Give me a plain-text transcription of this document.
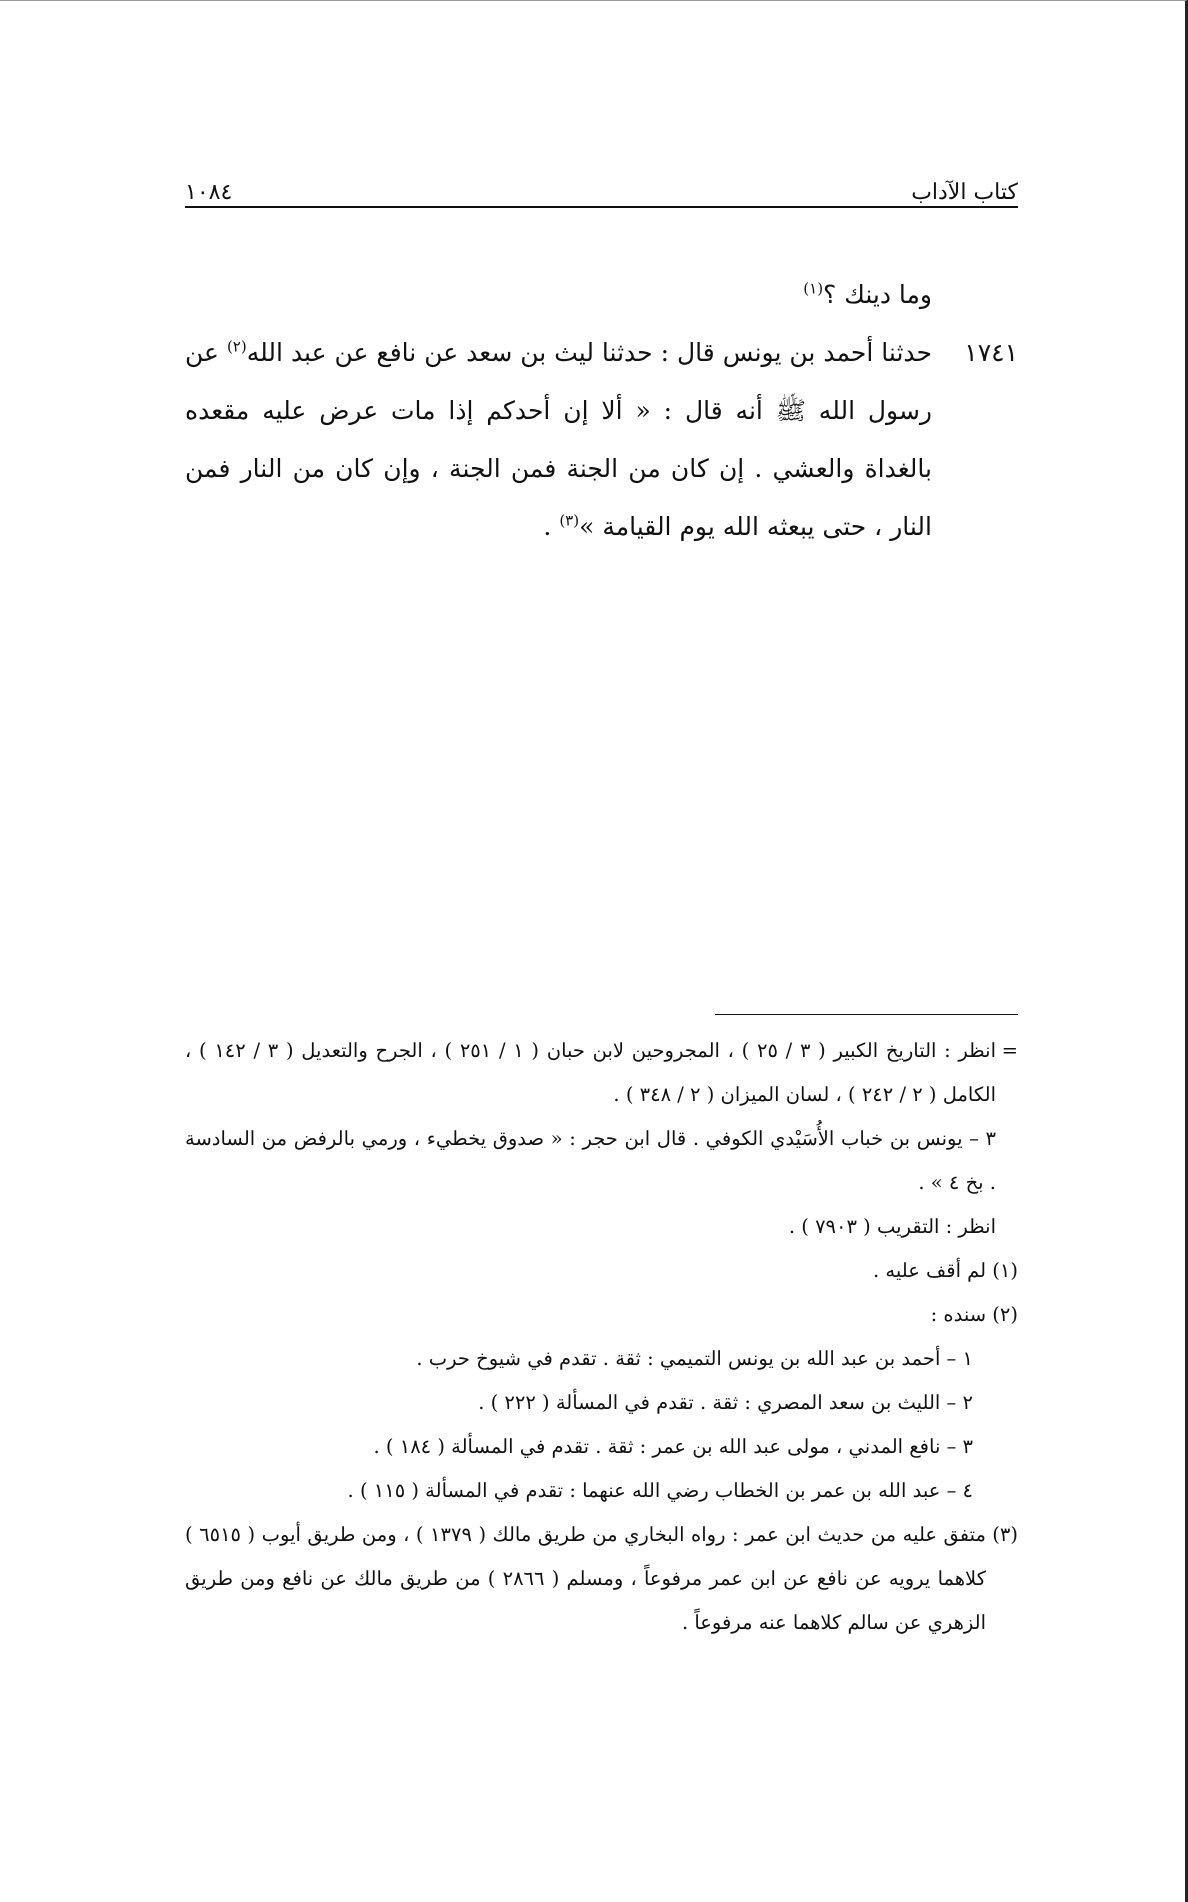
كتاب الآداب
١٠٨٤

وما دينك ؟$^{(١)}$

١٧٤١
حدثنا أحمد بن يونس قال : حدثنا ليث بن سعد عن نافع عن عبد الله$^{(٢)}$ عن رسول الله ﷺ أنه قال : « ألا إن أحدكم إذا مات عرض عليه مقعده بالغداة والعشي . إن كان من الجنة فمن الجنة ، وإن كان من النار فمن النار ، حتى يبعثه الله يوم القيامة »$^{(٣)}$ .

=
انظر : التاريخ الكبير ( ٣ / ٢٥ ) ، المجروحين لابن حبان ( ١ / ٢٥١ ) ، الجرح والتعديل ( ٣ / ١٤٢ ) ، الكامل ( ٢ / ٢٤٢ ) ، لسان الميزان ( ٢ / ٣٤٨ ) .

٣ – يونس بن خباب الأُسَيْدي الكوفي . قال ابن حجر : « صدوق يخطيء ، ورمي بالرفض من السادسة . بخ ٤ » .

انظر : التقريب ( ٧٩٠٣ ) .

(١) لم أقف عليه .

(٢) سنده :

١ – أحمد بن عبد الله بن يونس التميمي : ثقة . تقدم في شيوخ حرب .

٢ – الليث بن سعد المصري : ثقة . تقدم في المسألة ( ٢٢٢ ) .

٣ – نافع المدني ، مولى عبد الله بن عمر : ثقة . تقدم في المسألة ( ١٨٤ ) .

٤ – عبد الله بن عمر بن الخطاب رضي الله عنهما : تقدم في المسألة ( ١١٥ ) .

(٣)
متفق عليه من حديث ابن عمر : رواه البخاري من طريق مالك ( ١٣٧٩ ) ، ومن طريق أيوب ( ٦٥١٥ ) كلاهما يرويه عن نافع عن ابن عمر مرفوعاً ، ومسلم ( ٢٨٦٦ ) من طريق مالك عن نافع ومن طريق الزهري عن سالم كلاهما عنه مرفوعاً .
